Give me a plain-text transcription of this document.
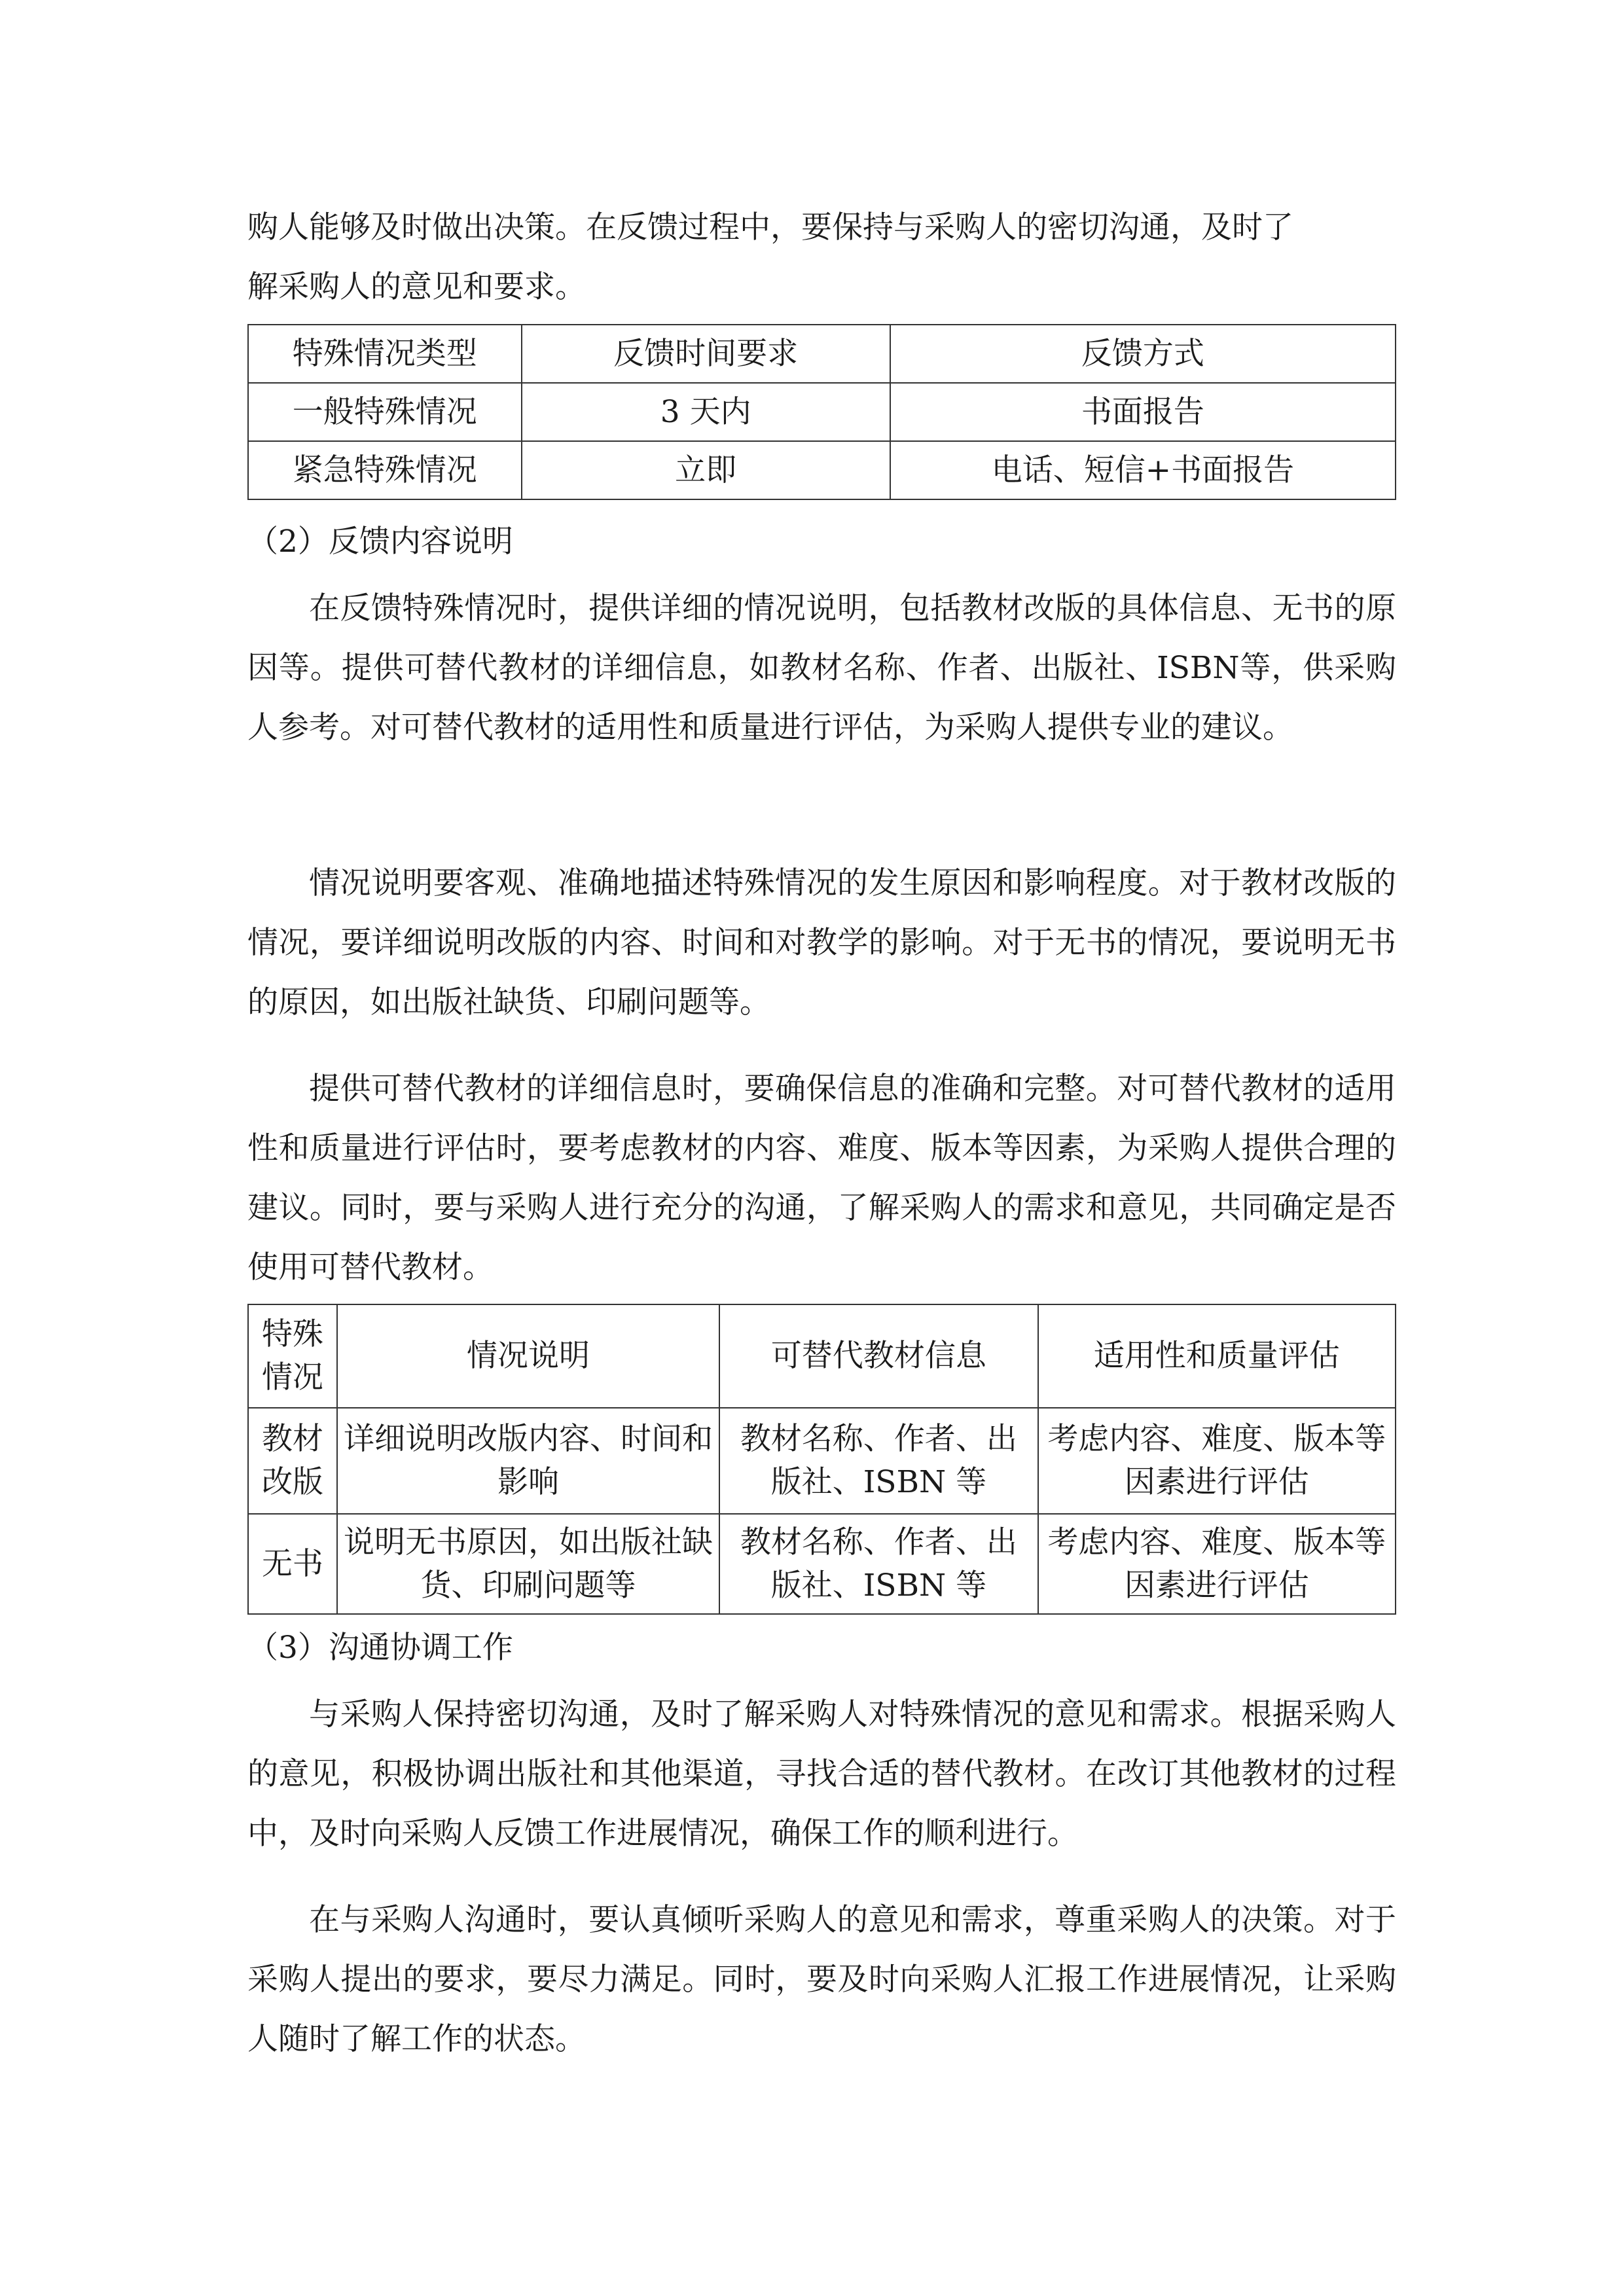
购人能够及时做出决策。在反馈过程中，要保持与采购人的密切沟通，及时了

解采购人的意见和要求。

特殊情况类型	反馈时间要求	反馈方式
一般特殊情况	3 天内	书面报告
紧急特殊情况	立即	电话、短信+书面报告

（2）反馈内容说明

在反馈特殊情况时，提供详细的情况说明，包括教材改版的具体信息、无书的原因等。提供可替代教材的详细信息，如教材名称、作者、出版社、ISBN等，供采购人参考。对可替代教材的适用性和质量进行评估，为采购人提供专业的建议。

情况说明要客观、准确地描述特殊情况的发生原因和影响程度。对于教材改版的情况，要详细说明改版的内容、时间和对教学的影响。对于无书的情况，要说明无书的原因，如出版社缺货、印刷问题等。

提供可替代教材的详细信息时，要确保信息的准确和完整。对可替代教材的适用性和质量进行评估时，要考虑教材的内容、难度、版本等因素，为采购人提供合理的建议。同时，要与采购人进行充分的沟通，了解采购人的需求和意见，共同确定是否使用可替代教材。

特殊情况	情况说明	可替代教材信息	适用性和质量评估
教材改版	详细说明改版内容、时间和影响	教材名称、作者、出版社、ISBN 等	考虑内容、难度、版本等因素进行评估
无书	说明无书原因，如出版社缺货、印刷问题等	教材名称、作者、出版社、ISBN 等	考虑内容、难度、版本等因素进行评估

（3）沟通协调工作

与采购人保持密切沟通，及时了解采购人对特殊情况的意见和需求。根据采购人的意见，积极协调出版社和其他渠道，寻找合适的替代教材。在改订其他教材的过程中，及时向采购人反馈工作进展情况，确保工作的顺利进行。

在与采购人沟通时，要认真倾听采购人的意见和需求，尊重采购人的决策。对于采购人提出的要求，要尽力满足。同时，要及时向采购人汇报工作进展情况，让采购人随时了解工作的状态。
